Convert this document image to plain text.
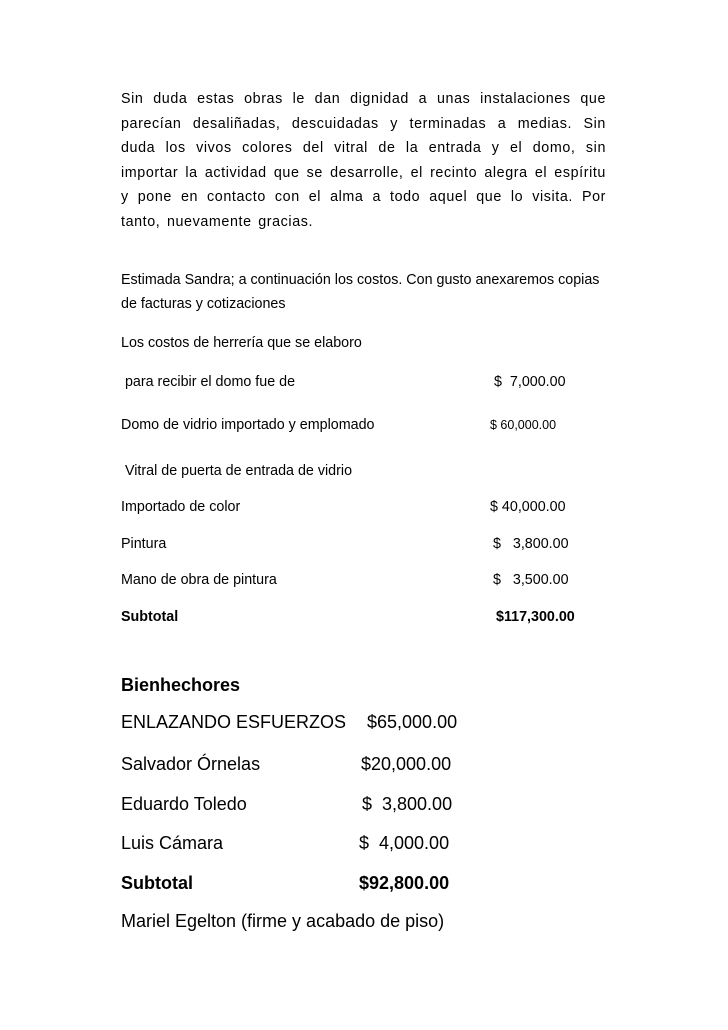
Sin duda estas obras le dan dignidad a unas instalaciones que parecían desaliñadas, descuidadas y terminadas a medias. Sin duda los vivos colores del vitral de la entrada y el domo, sin importar la actividad que se desarrolle, el recinto alegra el espíritu y pone en contacto con el alma a todo aquel que lo visita. Por tanto, nuevamente gracias.

Estimada Sandra; a continuación los costos. Con gusto anexaremos copias de facturas y cotizaciones

Los costos de herrería que se elaboro
para recibir el domo fue de	$  7,000.00
Domo de vidrio importado y emplomado	$ 60,000.00
Vitral de puerta de entrada de vidrio
Importado de color	$ 40,000.00
Pintura	$   3,800.00
Mano de obra de pintura	$   3,500.00
Subtotal	$117,300.00

Bienhechores

ENLAZANDO ESFUERZOS $65,000.00
Salvador Órnelas	$20,000.00
Eduardo Toledo	$  3,800.00
Luis Cámara	$  4,000.00
Subtotal	$92,800.00

Mariel Egelton (firme y acabado de piso)
